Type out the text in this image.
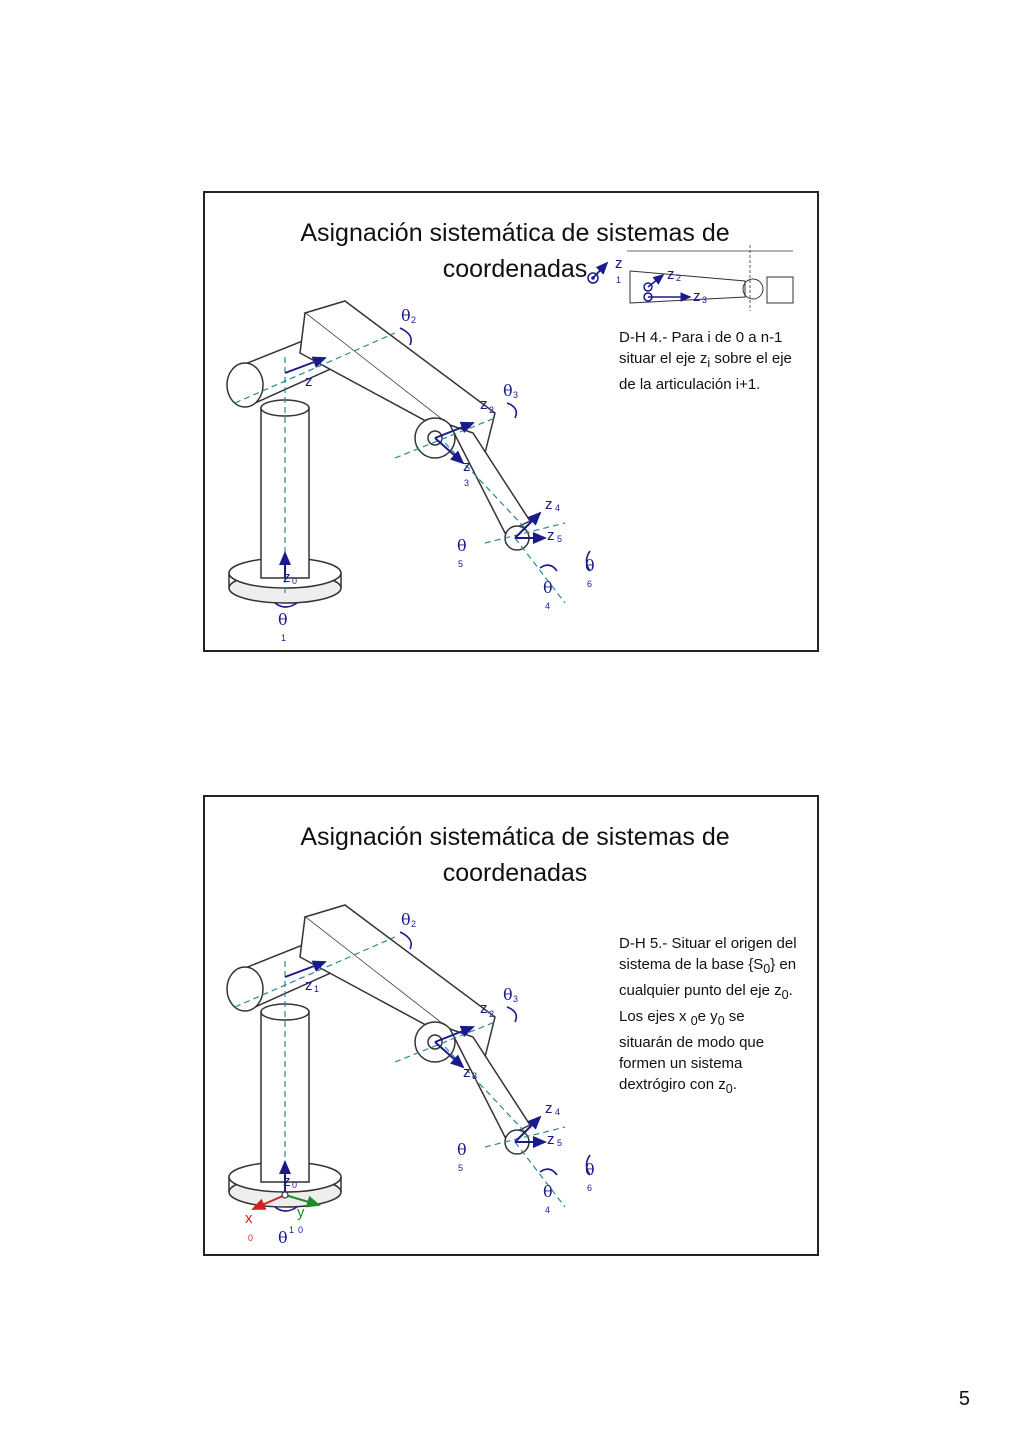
z
θ 2
θ 3
z 2
z
3
z 4
z 5
θ
5	θ
6
θ
4
z 0
θ
1
z
1	z 2
z 3
Asignación sistemática de sistemas de coordenadas
D-H 4.- Para i de 0 a n-1 situar el eje $z_i$ sobre el eje de la articulación i+1.
z 1
θ 2
θ 3
z 2
z 3
z 4
z 5
θ
5	θ
6
θ
4
z 0
x
0
y
0
θ 1
Asignación sistemática de sistemas de coordenadas
D-H 5.- Situar el origen del sistema de la base $\{S_0\}$ en cualquier punto del eje $z_0$. Los ejes x $_0$e $y_0$ se situarán de modo que formen un sistema dextrógiro con $z_0$.
5
